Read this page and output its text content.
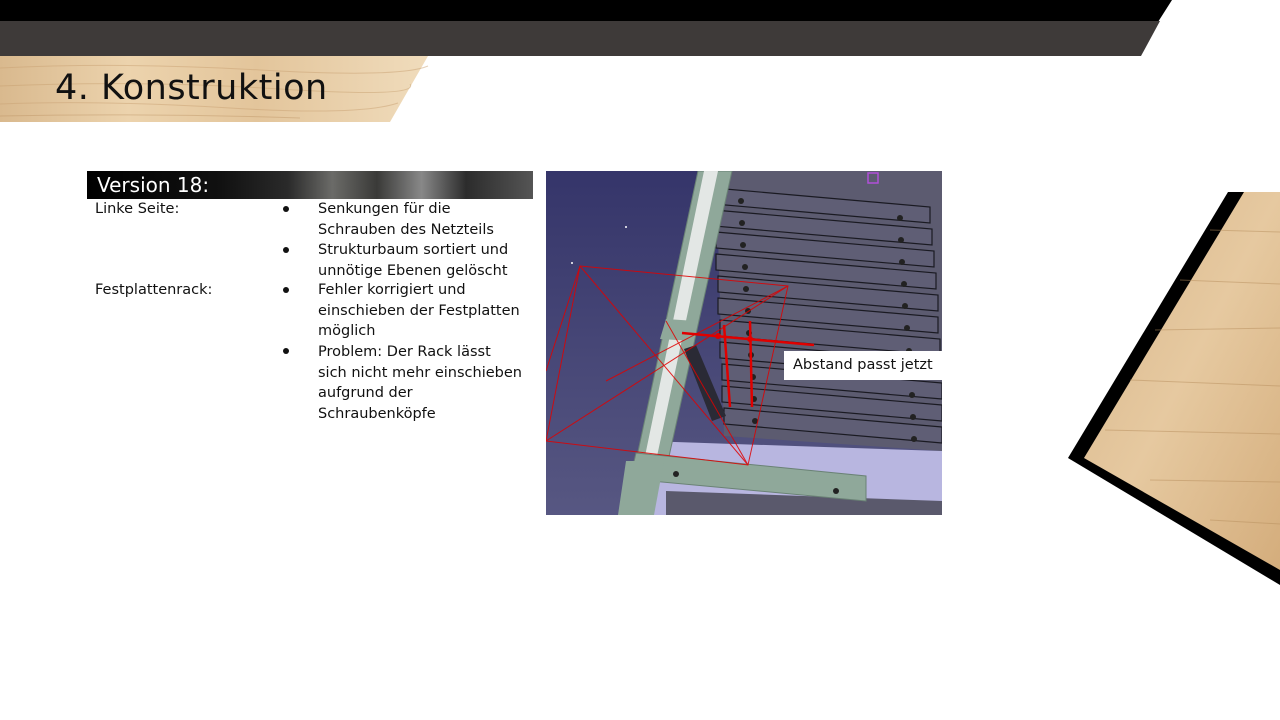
4. Konstruktion
Version 18:
Linke Seite:	Senkungen für die
Schrauben des Netzteils
Strukturbaum sortiert und
unnötige Ebenen gelöscht
Festplattenrack:	Fehler korrigiert und
einschieben der Festplatten
möglich
Problem: Der Rack lässt
sich nicht mehr einschieben
aufgrund der
Schraubenköpfe
Abstand passt jetzt
